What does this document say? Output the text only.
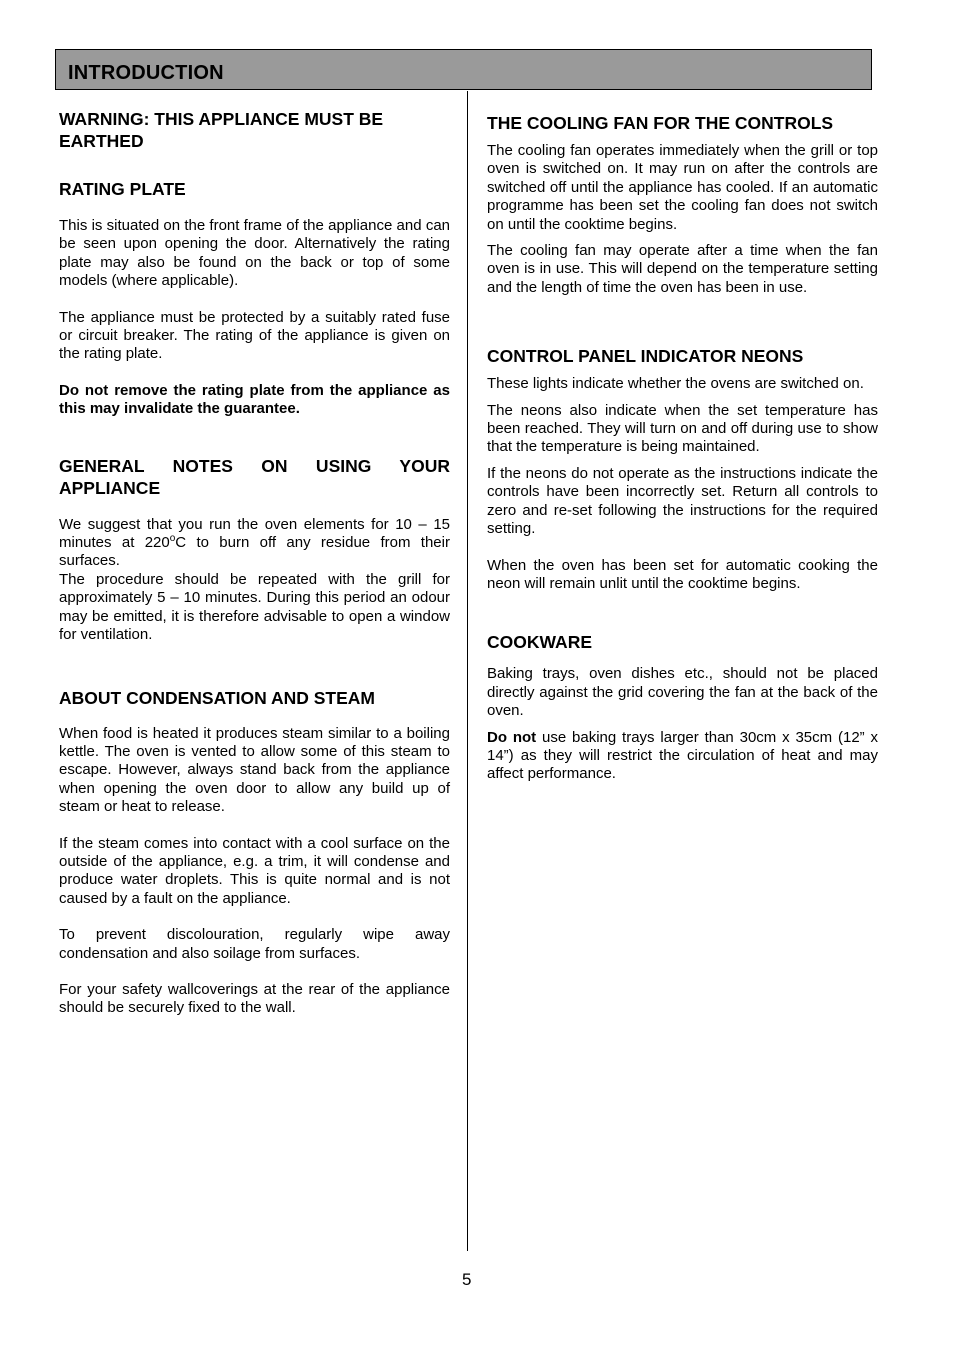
INTRODUCTION
WARNING: THIS APPLIANCE MUST BE EARTHED
RATING PLATE

This is situated on the front frame of the appliance and can be seen upon opening the door. Alternatively the rating plate may also be found on the back or top of some models (where applicable).

The appliance must be protected by a suitably rated fuse or circuit breaker. The rating of the appliance is given on the rating plate.

Do not remove the rating plate from the appliance as this may invalidate the guarantee.

GENERAL NOTES ON USING YOUR
APPLIANCE

We suggest that you run the oven elements for 10 – 15 minutes at 220$^o$C to burn off any residue from their surfaces.

The procedure should be repeated with the grill for approximately 5 – 10 minutes. During this period an odour may be emitted, it is therefore advisable to open a window for ventilation.

ABOUT CONDENSATION AND STEAM

When food is heated it produces steam similar to a boiling kettle. The oven is vented to allow some of this steam to escape. However, always stand back from the appliance when opening the oven door to allow any build up of steam or heat to release.

If the steam comes into contact with a cool surface on the outside of the appliance, e.g. a trim, it will condense and produce water droplets. This is quite normal and is not caused by a fault on the appliance.

To prevent discolouration, regularly wipe away condensation and also soilage from surfaces.

For your safety wallcoverings at the rear of the appliance should be securely fixed to the wall.

THE COOLING FAN FOR THE CONTROLS

The cooling fan operates immediately when the grill or top oven is switched on. It may run on after the controls are switched off until the appliance has cooled. If an automatic programme has been set the cooling fan does not switch on until the cooktime begins.

The cooling fan may operate after a time when the fan oven is in use. This will depend on the temperature setting and the length of time the oven has been in use.

CONTROL PANEL INDICATOR NEONS

These lights indicate whether the ovens are switched on.

The neons also indicate when the set temperature has been reached. They will turn on and off during use to show that the temperature is being maintained.

If the neons do not operate as the instructions indicate the controls have been incorrectly set. Return all controls to zero and re-set following the instructions for the required setting.

When the oven has been set for automatic cooking the neon will remain unlit until the cooktime begins.

COOKWARE

Baking trays, oven dishes etc., should not be placed directly against the grid covering the fan at the back of the oven.

Do not use baking trays larger than 30cm x 35cm (12” x 14”) as they will restrict the circulation of heat and may affect performance.

5
